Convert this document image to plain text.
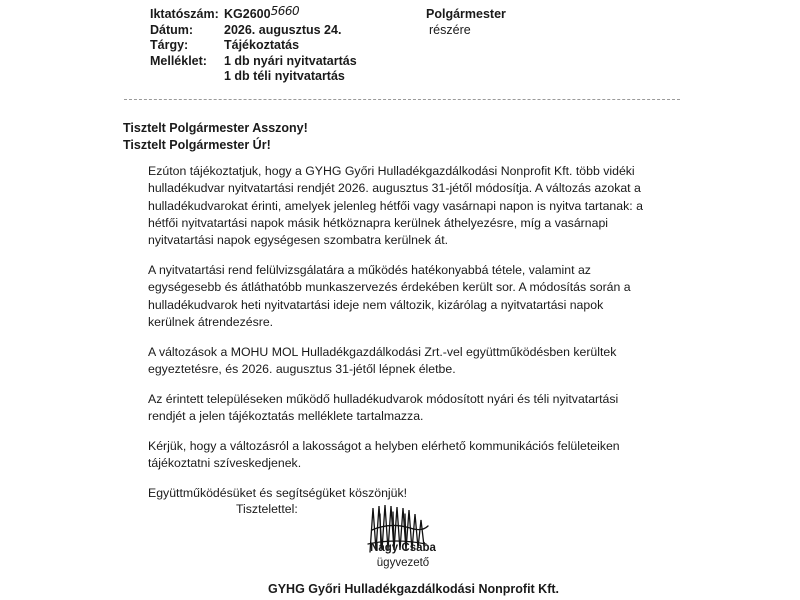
Iktatószám: KG26005660
Dátum: 2026. augusztus 24.
Tárgy:	Tájékoztatás
Melléklet: 1 db nyári nyitvatartás
1 db téli nyitvatartás
Polgármester
részére
Tisztelt Polgármester Asszony!
Tisztelt Polgármester Úr!

Ezúton tájékoztatjuk, hogy a GYHG Győri Hulladékgazdálkodási Nonprofit Kft. több vidéki hulladékudvar nyitvatartási rendjét 2026. augusztus 31-jétől módosítja. A változás azokat a hulladékudvarokat érinti, amelyek jelenleg hétfői vagy vasárnapi napon is nyitva tartanak: a hétfői nyitvatartási napok másik hétköznapra kerülnek áthelyezésre, míg a vasárnapi nyitvatartási napok egységesen szombatra kerülnek át.

A nyitvatartási rend felülvizsgálatára a működés hatékonyabbá tétele, valamint az egységesebb és átláthatóbb munkaszervezés érdekében került sor. A módosítás során a hulladékudvarok heti nyitvatartási ideje nem változik, kizárólag a nyitvatartási napok kerülnek átrendezésre.

A változások a MOHU MOL Hulladékgazdálkodási Zrt.-vel együttműködésben kerültek egyeztetésre, és 2026. augusztus 31-jétől lépnek életbe.

Az érintett településeken működő hulladékudvarok módosított nyári és téli nyitvatartási rendjét a jelen tájékoztatás melléklete tartalmazza.

Kérjük, hogy a változásról a lakosságot a helyben elérhető kommunikációs felületeiken tájékoztatni szíveskedjenek.

Együttműködésüket és segítségüket köszönjük!

Tisztelettel:
Nagy Csaba
ügyvezető
GYHG Győri Hulladékgazdálkodási Nonprofit Kft.
